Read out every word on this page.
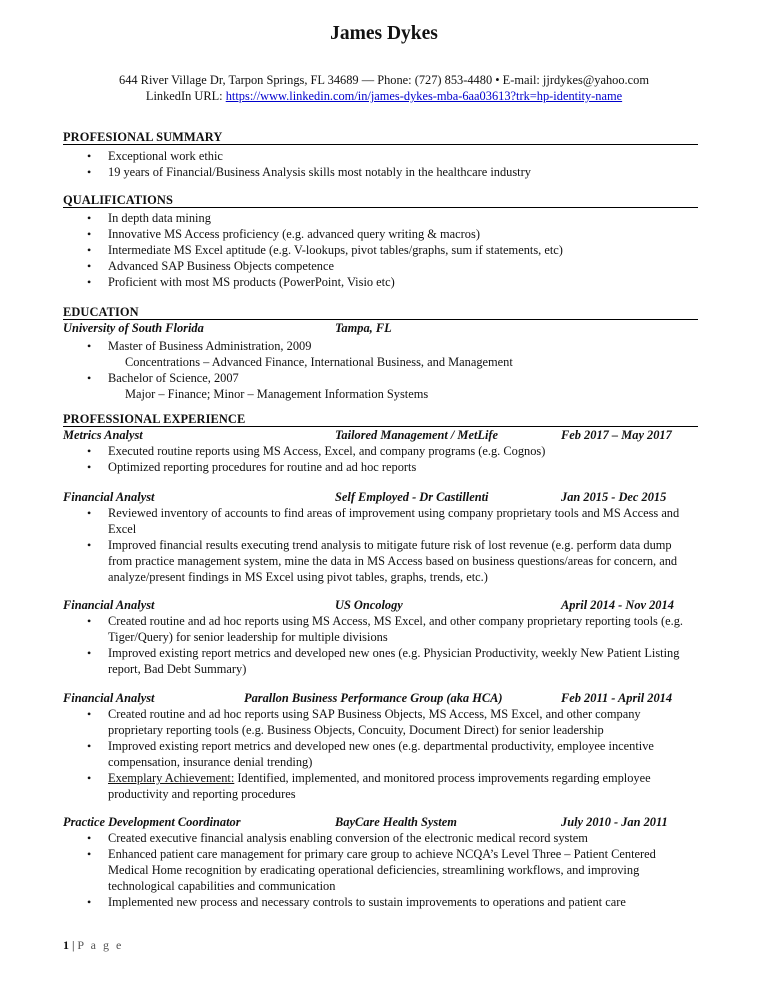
James Dykes
644 River Village Dr, Tarpon Springs, FL 34689 — Phone: (727) 853-4480 • E-mail: jjrdykes@yahoo.com
LinkedIn URL: https://www.linkedin.com/in/james-dykes-mba-6aa03613?trk=hp-identity-name
PROFESIONAL SUMMARY
• Exceptional work ethic
• 19 years of Financial/Business Analysis skills most notably in the healthcare industry
QUALIFICATIONS
• In depth data mining
• Innovative MS Access proficiency (e.g. advanced query writing & macros)
• Intermediate MS Excel aptitude (e.g. V-lookups, pivot tables/graphs, sum if statements, etc)
• Advanced SAP Business Objects competence
• Proficient with most MS products (PowerPoint, Visio etc)
EDUCATION
University of South Florida	Tampa, FL
• Master of Business Administration, 2009
Concentrations – Advanced Finance, International Business, and Management
• Bachelor of Science, 2007
Major – Finance; Minor – Management Information Systems
PROFESSIONAL EXPERIENCE
Metrics Analyst	Tailored Management / MetLife	Feb 2017 – May 2017
• Executed routine reports using MS Access, Excel, and company programs (e.g. Cognos)
• Optimized reporting procedures for routine and ad hoc reports
Financial Analyst	Self Employed - Dr Castillenti	Jan 2015 - Dec 2015
• Reviewed inventory of accounts to find areas of improvement using company proprietary tools and MS Access and Excel
• Improved financial results executing trend analysis to mitigate future risk of lost revenue (e.g. perform data dump from practice management system, mine the data in MS Access based on business questions/areas for concern, and analyze/present findings in MS Excel using pivot tables, graphs, trends, etc.)
Financial Analyst	US Oncology	April 2014 - Nov 2014
• Created routine and ad hoc reports using MS Access, MS Excel, and other company proprietary reporting tools (e.g. Tiger/Query) for senior leadership for multiple divisions
• Improved existing report metrics and developed new ones (e.g. Physician Productivity, weekly New Patient Listing report, Bad Debt Summary)
Financial Analyst	Parallon Business Performance Group (aka HCA)	Feb 2011 - April 2014
• Created routine and ad hoc reports using SAP Business Objects, MS Access, MS Excel, and other company proprietary reporting tools (e.g. Business Objects, Concuity, Document Direct) for senior leadership
• Improved existing report metrics and developed new ones (e.g. departmental productivity, employee incentive compensation, insurance denial trending)
• Exemplary Achievement: Identified, implemented, and monitored process improvements regarding employee productivity and reporting procedures
Practice Development Coordinator	BayCare Health System	July 2010 - Jan 2011
• Created executive financial analysis enabling conversion of the electronic medical record system
• Enhanced patient care management for primary care group to achieve NCQA’s Level Three – Patient Centered Medical Home recognition by eradicating operational deficiencies, streamlining workflows, and improving technological capabilities and communication
• Implemented new process and necessary controls to sustain improvements to operations and patient care
1 | P a g e
